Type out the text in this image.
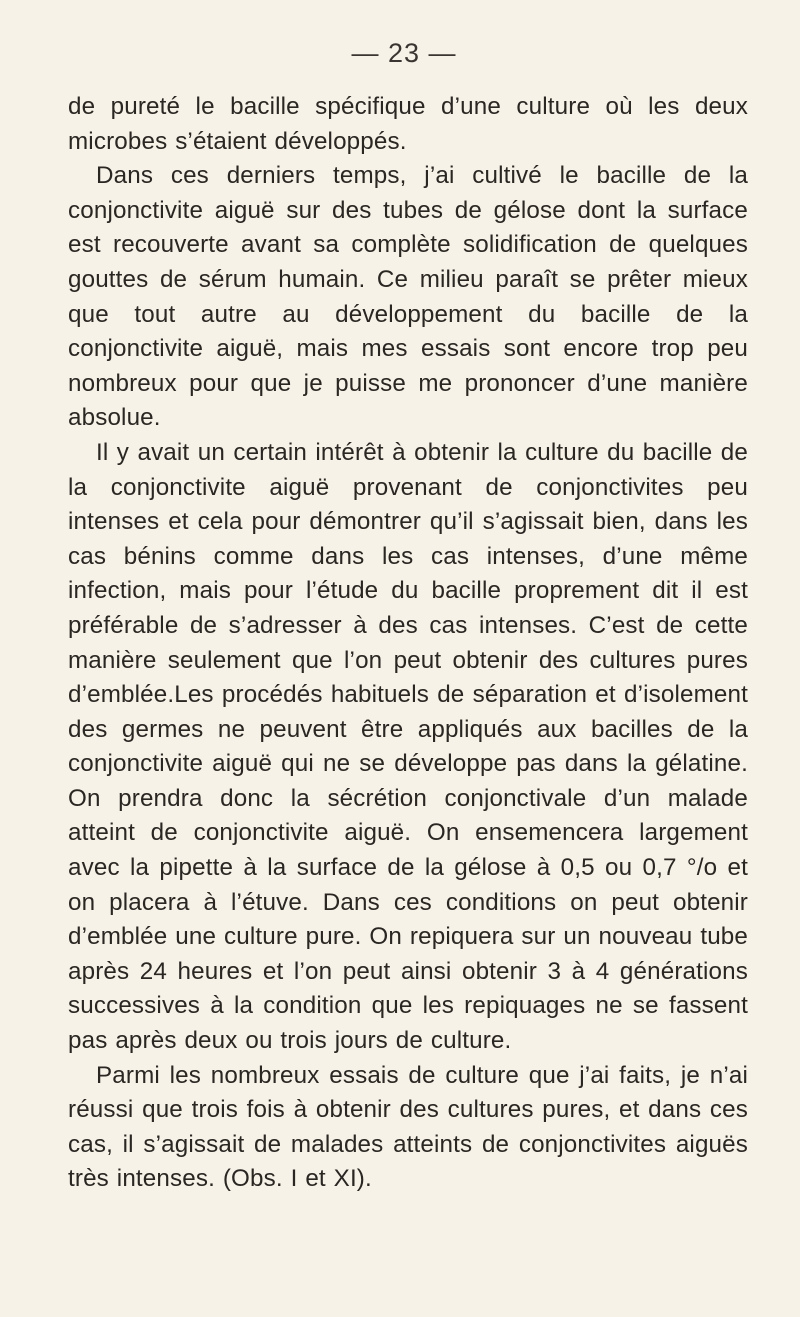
— 23 —

de pureté le bacille spécifique d’une culture où les deux microbes s’étaient développés.

Dans ces derniers temps, j’ai cultivé le bacille de la conjonctivite aiguë sur des tubes de gélose dont la surface est recouverte avant sa complète solidification de quelques gouttes de sérum humain. Ce milieu paraît se prêter mieux que tout autre au développement du bacille de la conjonctivite aiguë, mais mes essais sont encore trop peu nombreux pour que je puisse me prononcer d’une manière absolue.

Il y avait un certain intérêt à obtenir la culture du bacille de la conjonctivite aiguë provenant de conjonctivites peu intenses et cela pour démontrer qu’il s’agissait bien, dans les cas bénins comme dans les cas intenses, d’une même infection, mais pour l’étude du bacille proprement dit il est préférable de s’adresser à des cas intenses. C’est de cette manière seulement que l’on peut obtenir des cultures pures d’emblée.Les procédés habituels de séparation et d’isolement des germes ne peuvent être appliqués aux bacilles de la conjonctivite aiguë qui ne se développe pas dans la gélatine. On prendra donc la sécrétion conjonctivale d’un malade atteint de conjonctivite aiguë. On ensemencera largement avec la pipette à la surface de la gélose à 0,5 ou 0,7 °/o et on placera à l’étuve. Dans ces conditions on peut obtenir d’emblée une culture pure. On repiquera sur un nouveau tube après 24 heures et l’on peut ainsi obtenir 3 à 4 générations successives à la condition que les repiquages ne se fassent pas après deux ou trois jours de culture.

Parmi les nombreux essais de culture que j’ai faits, je n’ai réussi que trois fois à obtenir des cultures pures, et dans ces cas, il s’agissait de malades atteints de conjonctivites aiguës très intenses. (Obs. I et XI).
